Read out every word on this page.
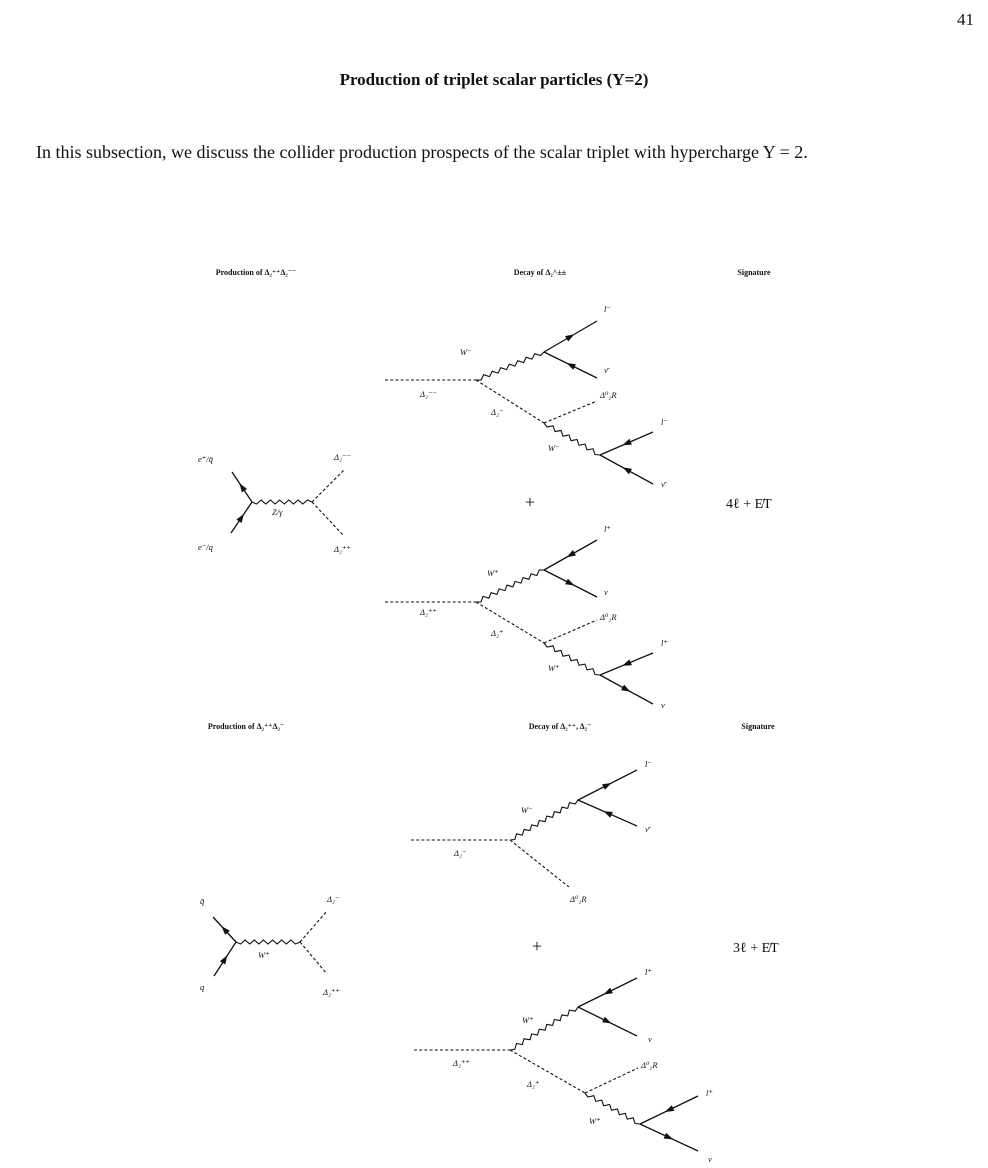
41
Production of triplet scalar particles (Y=2)
In this subsection, we discuss the collider production prospects of the scalar triplet with hypercharge Y = 2.
Production of Δ₂⁺⁺Δ₂⁻⁻	Decay of Δ₂^±±	Signature
e⁺/q̄
e⁻/q
Z/γ
Δ₂⁻⁻
Δ₂⁺⁺
Δ₂⁻⁻
W⁻
l⁻
ν̄
Δ₂⁻
Δ⁰₂R
W⁻
l⁻
ν̄
+	4ℓ + E̸T
Δ₂⁺⁺
W⁺
l⁺
ν
Δ₂⁺
Δ⁰₂R
W⁺
l⁺
ν
Production of Δ₂⁺⁺Δ₂⁻	Decay of Δ₂⁺⁺, Δ₂⁻	Signature
q̄
q
W⁺
Δ₂⁻
Δ₂⁺⁺
Δ₂⁻
W⁻
l⁻
ν̄
Δ⁰₂R
+	3ℓ + E̸T
Δ₂⁺⁺
W⁺
l⁺
ν
Δ₂⁺
Δ⁰₂R
W⁺
l⁺
ν
